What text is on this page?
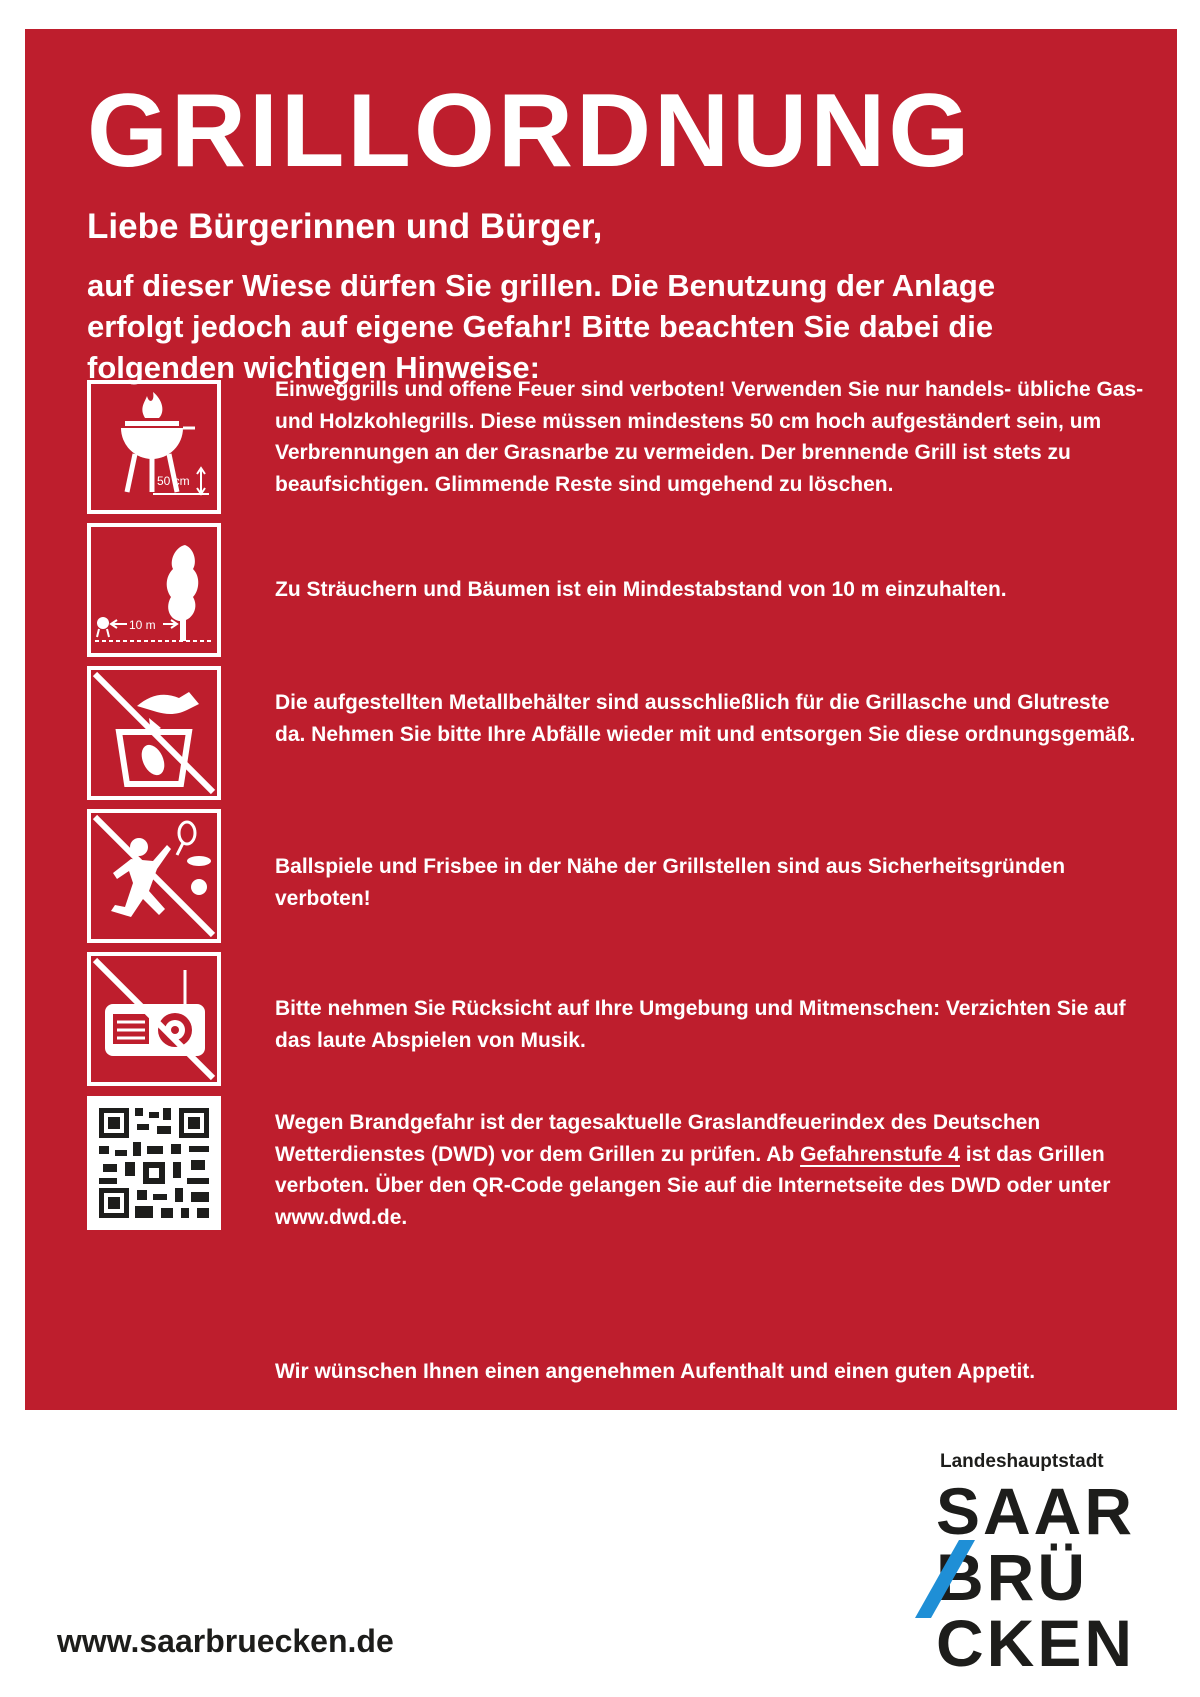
GRILLORDNUNG

Liebe Bürgerinnen und Bürger,

auf dieser Wiese dürfen Sie grillen. Die Benutzung der Anlage erfolgt jedoch auf eigene Gefahr! Bitte beachten Sie dabei die folgenden wichtigen Hinweise:

50 cm

Einweggrills und offene Feuer sind verboten! Verwenden Sie nur handels- übliche Gas- und Holzkohlegrills. Diese müssen mindestens 50 cm hoch aufgeständert sein, um Verbrennungen an der Grasnarbe zu vermeiden. Der brennende Grill ist stets zu beaufsichtigen. Glimmende Reste sind umgehend zu löschen.

10 m

Zu Sträuchern und Bäumen ist ein Mindestabstand von 10 m einzuhalten.

Die aufgestellten Metallbehälter sind ausschließlich für die Grillasche und Glutreste da. Nehmen Sie bitte Ihre Abfälle wieder mit und entsorgen Sie diese ordnungsgemäß.

Ballspiele und Frisbee in der Nähe der Grillstellen sind aus Sicherheitsgründen verboten!

Bitte nehmen Sie Rücksicht auf Ihre Umgebung und Mitmenschen: Verzichten Sie auf das laute Abspielen von Musik.

Wegen Brandgefahr ist der tagesaktuelle Graslandfeuerindex des Deutschen Wetterdienstes (DWD) vor dem Grillen zu prüfen. Ab Gefahrenstufe 4 ist das Grillen verboten. Über den QR-Code gelangen Sie auf die Internetseite des DWD oder unter www.dwd.de.

Wir wünschen Ihnen einen angenehmen Aufenthalt und einen guten Appetit.

www.saarbruecken.de

Landeshauptstadt
SAAR
BRÜ
CKEN
